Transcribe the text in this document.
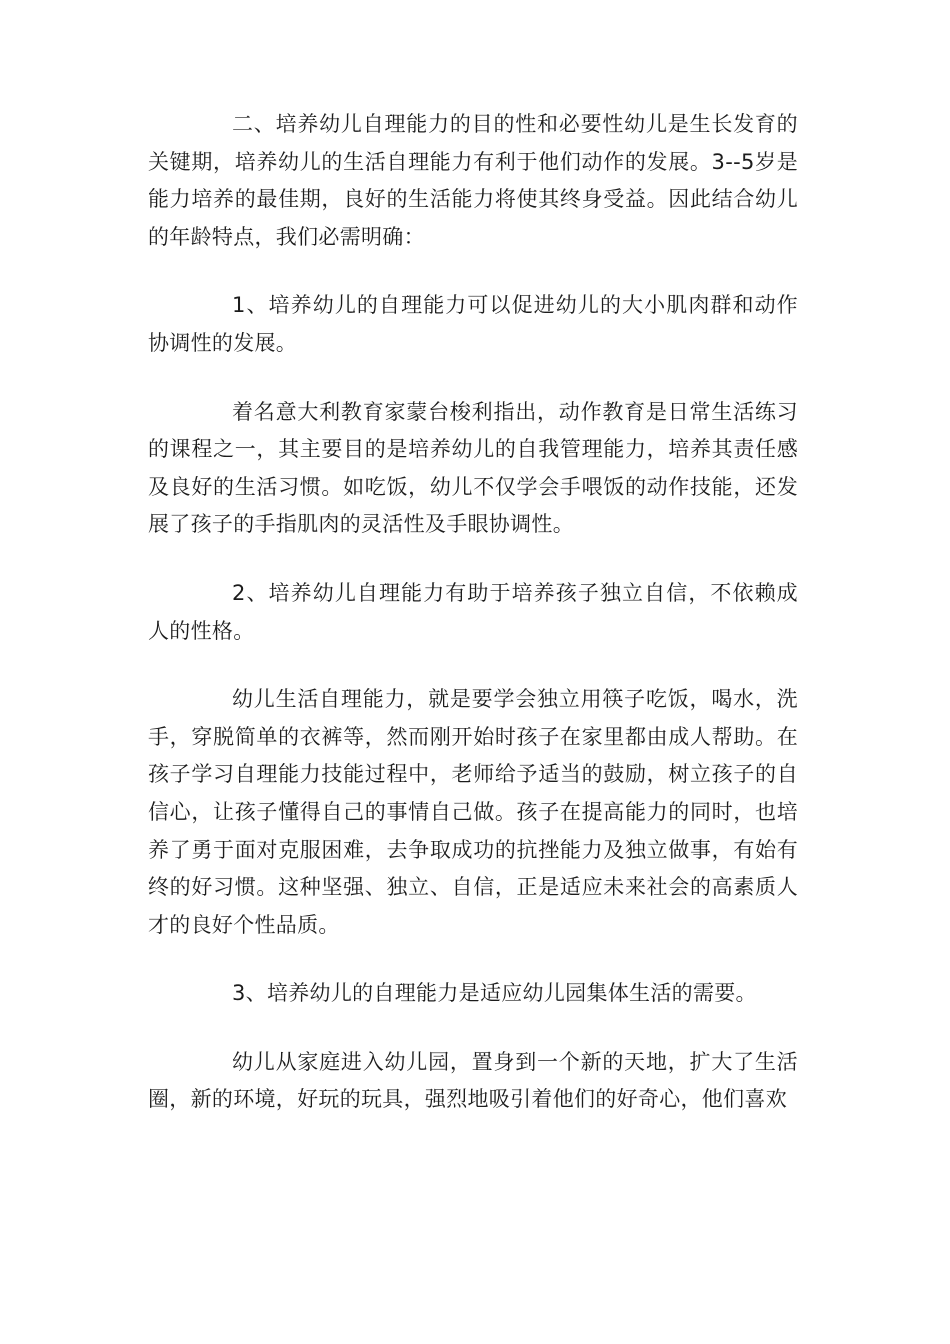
二、培养幼儿自理能力的目的性和必要性幼儿是生长发育的关键期，培养幼儿的生活自理能力有利于他们动作的发展。3--5岁是能力培养的最佳期，良好的生活能力将使其终身受益。因此结合幼儿的年龄特点，我们必需明确：

1、培养幼儿的自理能力可以促进幼儿的大小肌肉群和动作协调性的发展。

着名意大利教育家蒙台梭利指出，动作教育是日常生活练习的课程之一，其主要目的是培养幼儿的自我管理能力，培养其责任感及良好的生活习惯。如吃饭，幼儿不仅学会手喂饭的动作技能，还发展了孩子的手指肌肉的灵活性及手眼协调性。

2、培养幼儿自理能力有助于培养孩子独立自信，不依赖成人的性格。

幼儿生活自理能力，就是要学会独立用筷子吃饭，喝水，洗手，穿脱简单的衣裤等，然而刚开始时孩子在家里都由成人帮助。在孩子学习自理能力技能过程中，老师给予适当的鼓励，树立孩子的自信心，让孩子懂得自己的事情自己做。孩子在提高能力的同时，也培养了勇于面对克服困难，去争取成功的抗挫能力及独立做事，有始有终的好习惯。这种坚强、独立、自信，正是适应未来社会的高素质人才的良好个性品质。

3、培养幼儿的自理能力是适应幼儿园集体生活的需要。

幼儿从家庭进入幼儿园，置身到一个新的天地，扩大了生活圈，新的环境，好玩的玩具，强烈地吸引着他们的好奇心，他们喜欢
